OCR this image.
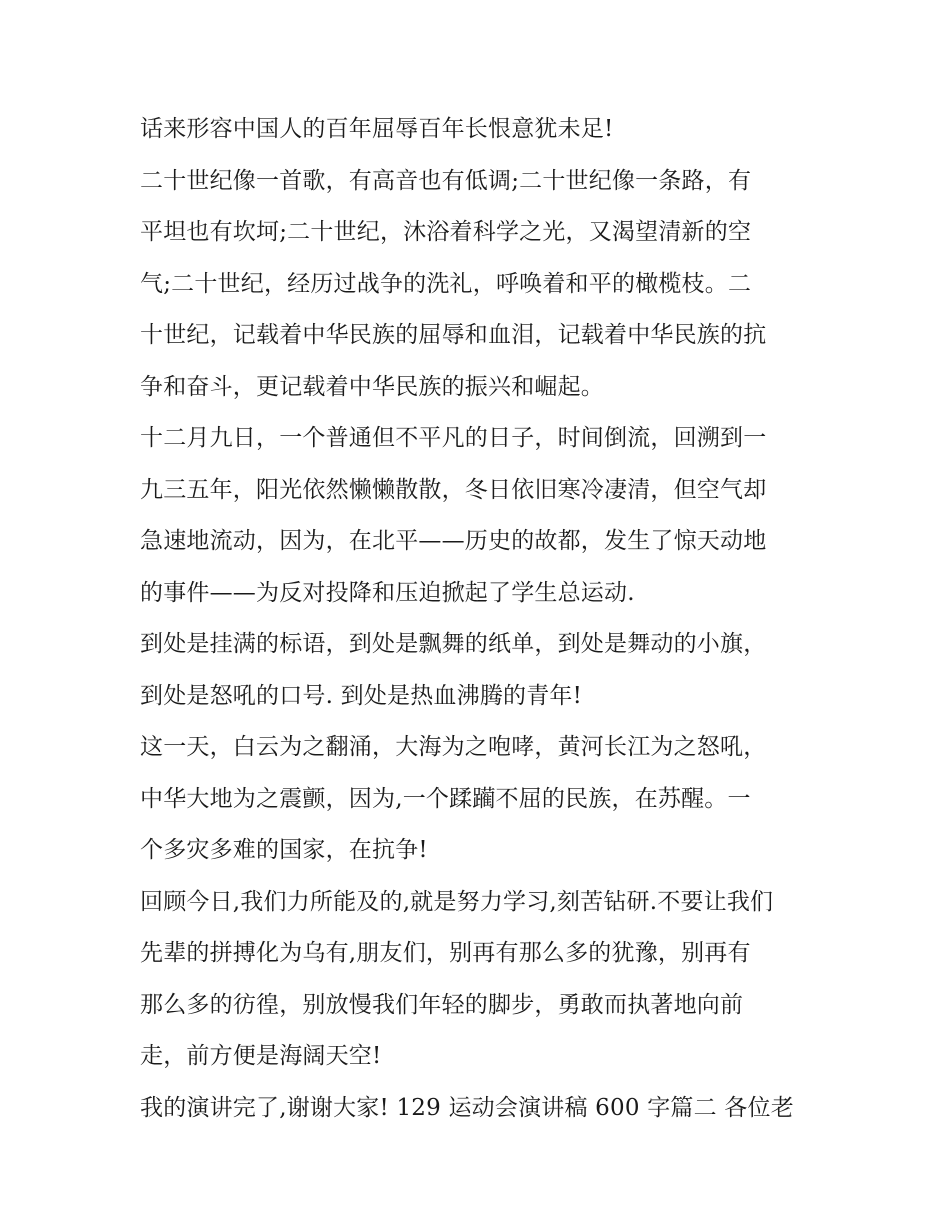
话来形容中国人的百年屈辱百年长恨意犹未足!
二十世纪像一首歌，有高音也有低调;二十世纪像一条路，有
平坦也有坎坷;二十世纪，沐浴着科学之光，又渴望清新的空
气;二十世纪，经历过战争的洗礼，呼唤着和平的橄榄枝。二
十世纪，记载着中华民族的屈辱和血泪，记载着中华民族的抗
争和奋斗，更记载着中华民族的振兴和崛起。
十二月九日，一个普通但不平凡的日子，时间倒流，回溯到一
九三五年，阳光依然懒懒散散，冬日依旧寒冷凄清，但空气却
急速地流动，因为，在北平——历史的故都，发生了惊天动地
的事件——为反对投降和压迫掀起了学生总运动.
到处是挂满的标语，到处是飘舞的纸单，到处是舞动的小旗，
到处是怒吼的口号. 到处是热血沸腾的青年!
这一天，白云为之翻涌，大海为之咆哮，黄河长江为之怒吼，
中华大地为之震颤，因为,一个蹂躏不屈的民族，在苏醒。一
个多灾多难的国家，在抗争!
回顾今日,我们力所能及的,就是努力学习,刻苦钻研.不要让我们
先辈的拼搏化为乌有,朋友们，别再有那么多的犹豫，别再有
那么多的彷徨，别放慢我们年轻的脚步，勇敢而执著地向前
走，前方便是海阔天空!
我的演讲完了,谢谢大家! 129 运动会演讲稿 600 字篇二 各位老
